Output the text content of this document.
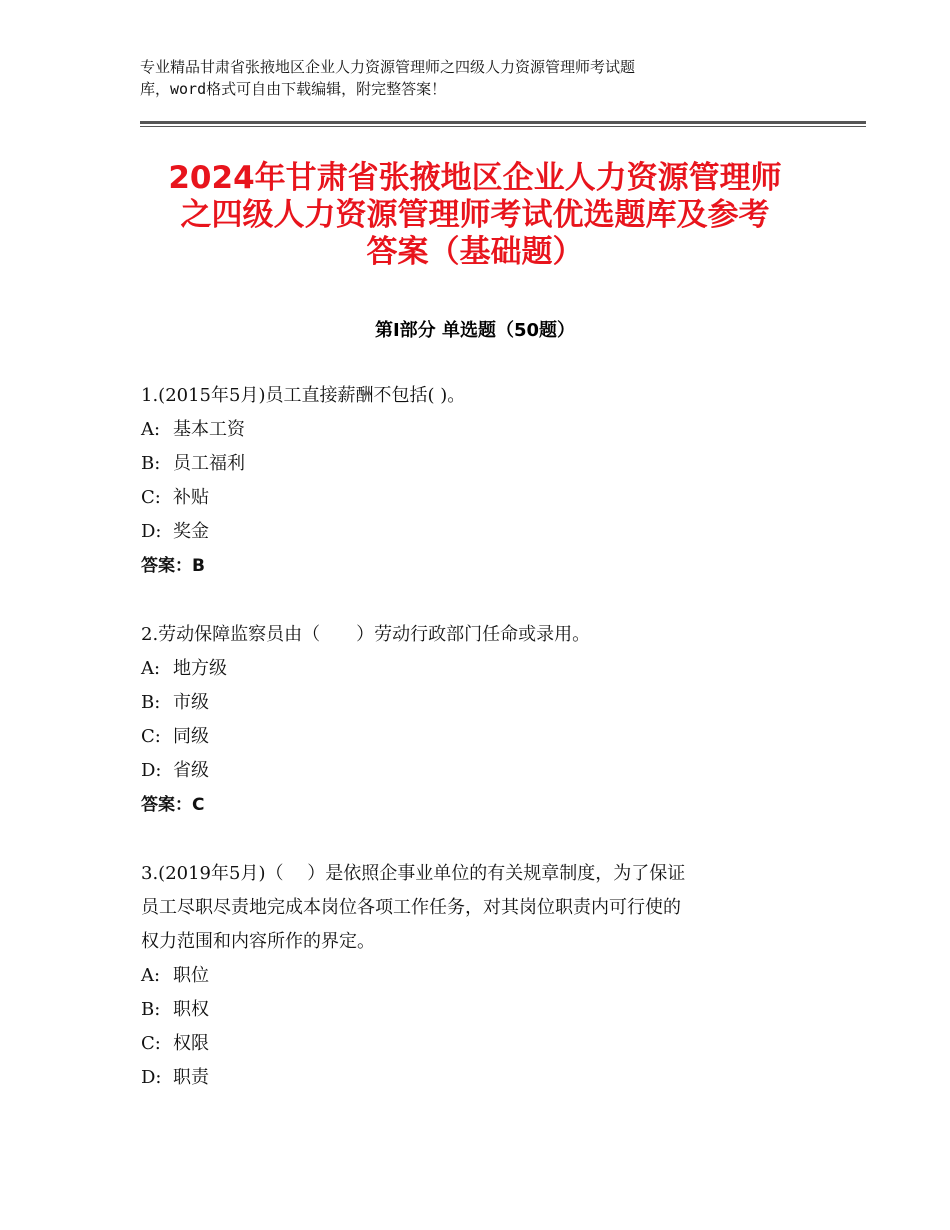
专业精品甘肃省张掖地区企业人力资源管理师之四级人力资源管理师考试题
库，word格式可自由下载编辑，附完整答案！
2024年甘肃省张掖地区企业人力资源管理师
之四级人力资源管理师考试优选题库及参考
答案（基础题）
第Ⅰ部分 单选题（50题）

1.(2015年5月)员工直接薪酬不包括( )。

A: 基本工资

B: 员工福利

C: 补贴

D: 奖金

答案：B

2.劳动保障监察员由（　　）劳动行政部门任命或录用。

A: 地方级

B: 市级

C: 同级

D: 省级

答案：C

3.(2019年5月)（　 ）是依照企事业单位的有关规章制度，为了保证

员工尽职尽责地完成本岗位各项工作任务，对其岗位职责内可行使的

权力范围和内容所作的界定。

A: 职位

B: 职权

C: 权限

D: 职责
